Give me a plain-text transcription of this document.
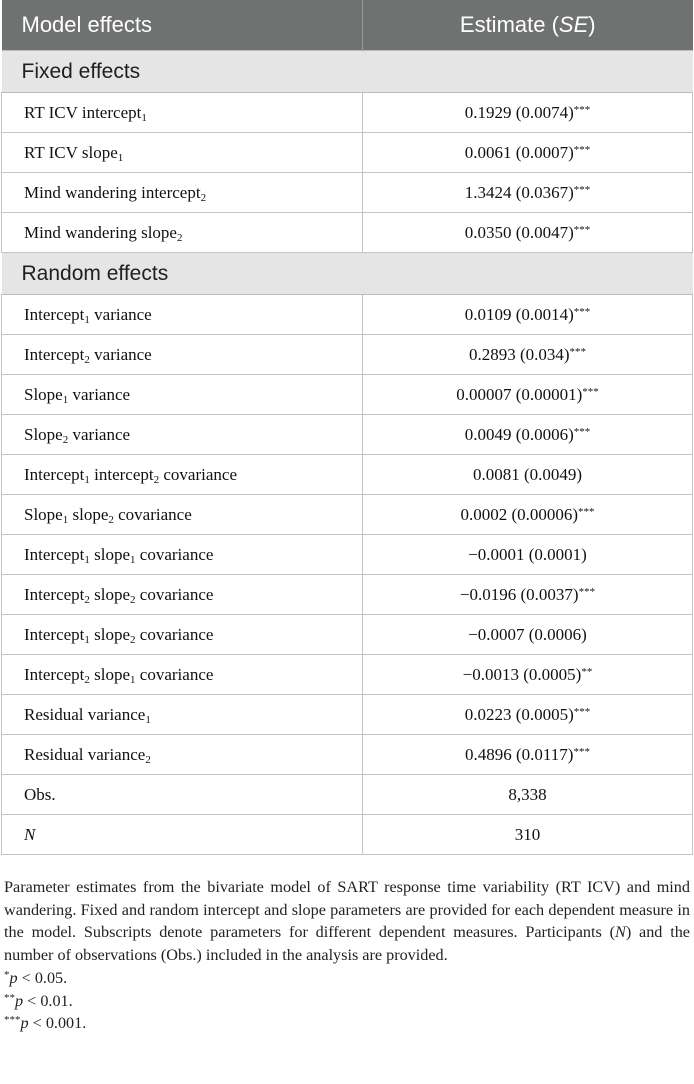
Model effects	Estimate (SE)
Fixed effects	
RT ICV intercept$_1$	0.1929 (0.0074)***
RT ICV slope$_1$	0.0061 (0.0007)***
Mind wandering intercept$_2$	1.3424 (0.0367)***
Mind wandering slope$_2$	0.0350 (0.0047)***
Random effects	
Intercept$_1$ variance	0.0109 (0.0014)***
Intercept$_2$ variance	0.2893 (0.034)***
Slope$_1$ variance	0.00007 (0.00001)***
Slope$_2$ variance	0.0049 (0.0006)***
Intercept$_1$ intercept$_2$ covariance	0.0081 (0.0049)
Slope$_1$ slope$_2$ covariance	0.0002 (0.00006)***
Intercept$_1$ slope$_1$ covariance	−0.0001 (0.0001)
Intercept$_2$ slope$_2$ covariance	−0.0196 (0.0037)***
Intercept$_1$ slope$_2$ covariance	−0.0007 (0.0006)
Intercept$_2$ slope$_1$ covariance	−0.0013 (0.0005)**
Residual variance$_1$	0.0223 (0.0005)***
Residual variance$_2$	0.4896 (0.0117)***
Obs.	8,338
N	310

Parameter estimates from the bivariate model of SART response time variability (RT ICV) and mind wandering. Fixed and random intercept and slope parameters are provided for each dependent measure in the model. Subscripts denote parameters for different dependent measures. Participants (N) and the number of observations (Obs.) included in the analysis are provided.

*p < 0.05.

**p < 0.01.

***p < 0.001.
